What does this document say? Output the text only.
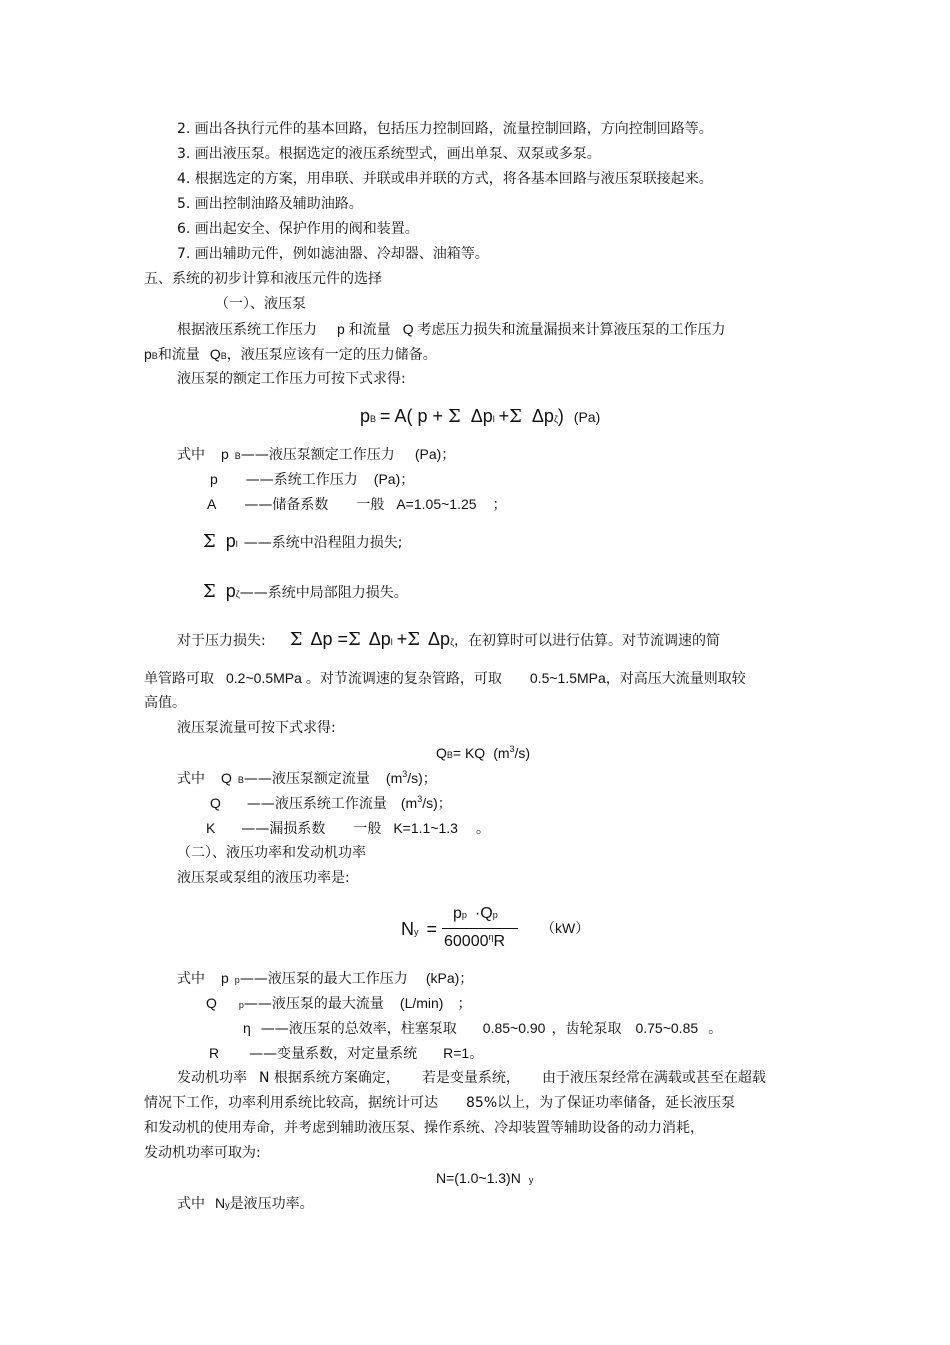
2. 画出各执行元件的基本回路，包括压力控制回路，流量控制回路，方向控制回路等。
3. 画出液压泵。根据选定的液压系统型式，画出单泵、双泵或多泵。
4. 根据选定的方案，用串联、并联或串并联的方式，将各基本回路与液压泵联接起来。
5. 画出控制油路及辅助油路。
6. 画出起安全、保护作用的阀和装置。
7. 画出辅助元件，例如滤油器、冷却器、油箱等。
五、系统的初步计算和液压元件的选择
（一）、液压泵
根据液压系统工作压力 p 和流量 Q 考虑压力损失和流量漏损来计算液压泵的工作压力
pB和流量 QB，液压泵应该有一定的压力储备。
液压泵的额定工作压力可按下式求得:
pB = A( p + Σ Δpl +Σ Δpζ) (Pa)
式中 p B——液压泵额定工作压力 (Pa)；
p ——系统工作压力 (Pa)；
A ——储备系数 一般 A=1.05~1.25 ；
Σ pl ——系统中沿程阻力损失;
Σ pζ——系统中局部阻力损失。
对于压力损失: Σ Δp =Σ Δpl +Σ Δpζ，在初算时可以进行估算。对节流调速的简
单管路可取 0.2~0.5MPa 。对节流调速的复杂管路，可取 0.5~1.5MPa，对高压大流量则取较
高值。
液压泵流量可按下式求得:
QB= KQ $(m^3/s)$
式中 Q B——液压泵额定流量 $(m^3/s)$；
Q ——液压系统工作流量 $(m^3/s)$；
K ——漏损系数 一般 K=1.1~1.3 。
（二）、液压功率和发动机功率
液压泵或泵组的液压功率是:
Ny =
pp ·Qp
$60000^\eta R$
（kW）
式中 p p——液压泵的最大工作压力 (kPa)；
Q p——液压泵的最大流量 (L/min) ；
η ——液压泵的总效率，柱塞泵取 0.85~0.90 ，齿轮泵取 0.75~0.85 。
R ——变量系数，对定量系统 R=1。
发动机功率 N 根据系统方案确定， 若是变量系统， 由于液压泵经常在满载或甚至在超载
情况下工作，功率利用系统比较高，据统计可达 85%以上，为了保证功率储备，延长液压泵
和发动机的使用寿命，并考虑到辅助液压泵、操作系统、冷却装置等辅助设备的动力消耗，
发动机功率可取为:
N=(1.0~1.3)N y
式中 Ny是液压功率。
